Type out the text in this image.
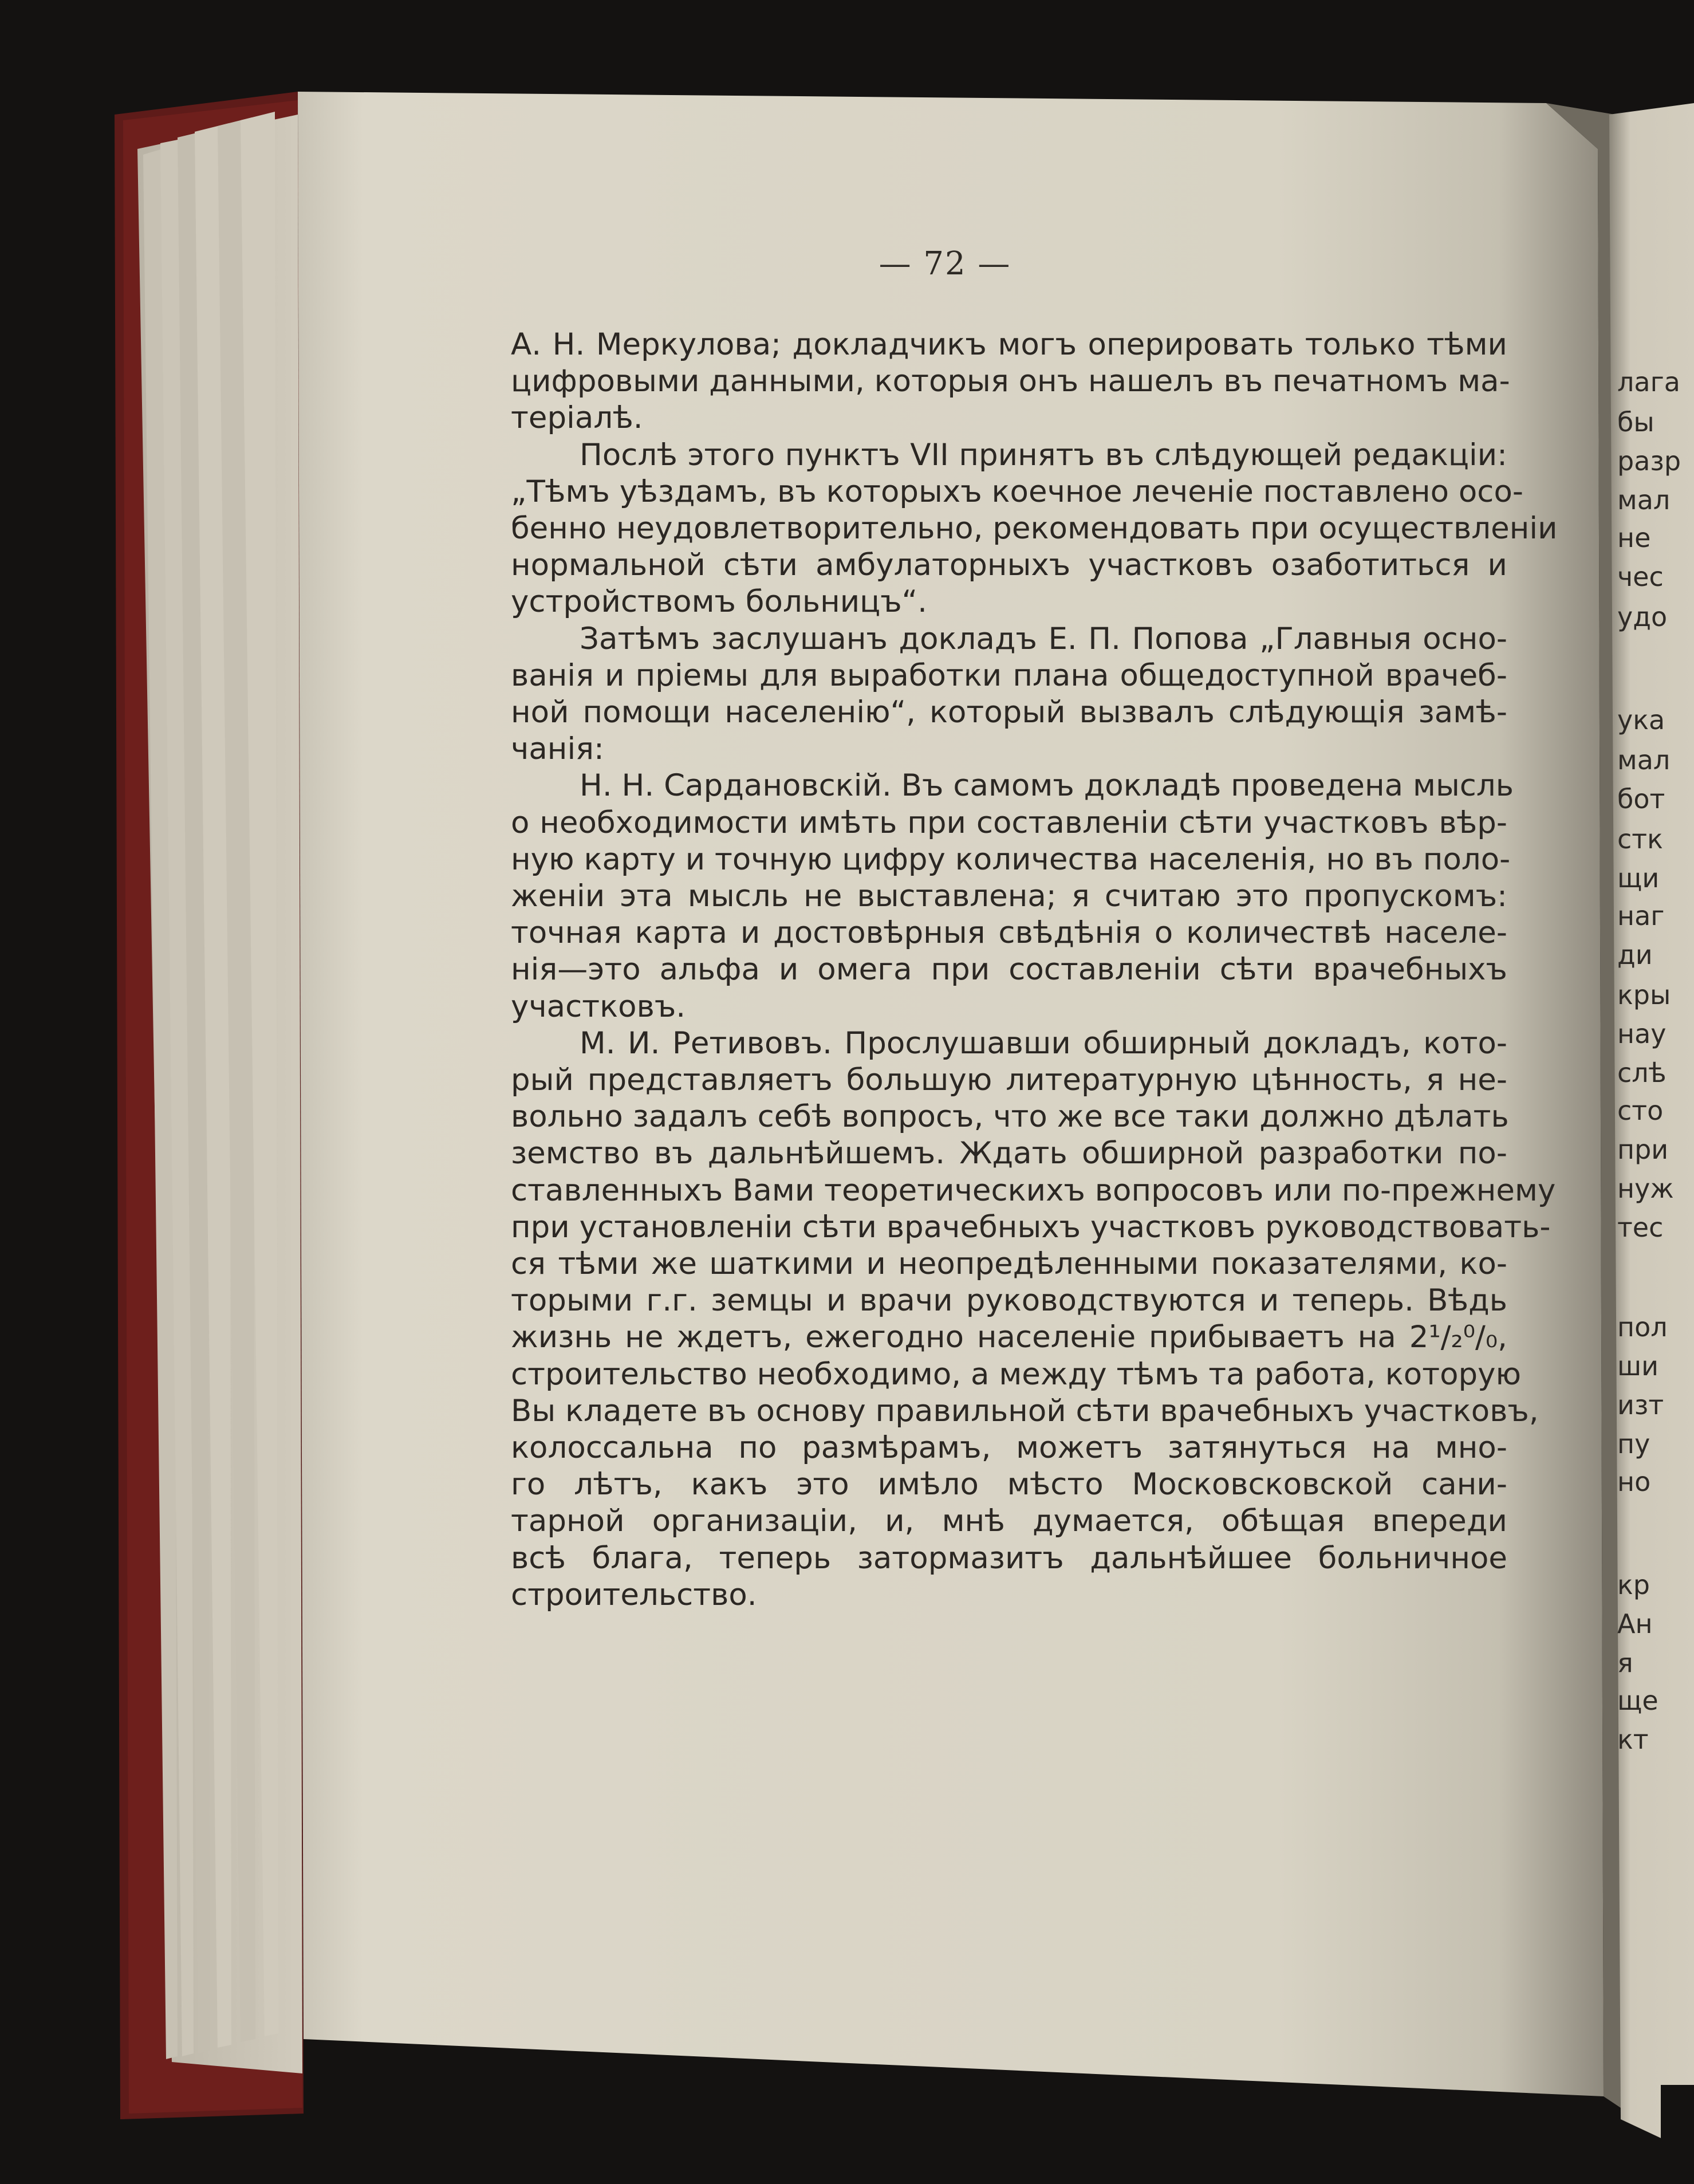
— 72 —
А. Н. Меркулова; докладчикъ могъ оперировать только тѣми
цифровыми данными, которыя онъ нашелъ въ печатномъ ма-
теріалѣ.
Послѣ этого пунктъ VII принятъ въ слѣдующей редакціи:
„Тѣмъ уѣздамъ, въ которыхъ коечное леченіе поставлено осо-
бенно неудовлетворительно, рекомендовать при осуществленіи
нормальной сѣти амбулаторныхъ участковъ озаботиться и
устройствомъ больницъ“.
Затѣмъ заслушанъ докладъ Е. П. Попова „Главныя осно-
ванія и пріемы для выработки плана общедоступной врачеб-
ной помощи населенію“, который вызвалъ слѣдующія замѣ-
чанія:
Н. Н. Сардановскій. Въ самомъ докладѣ проведена мысль
о необходимости имѣть при составленіи сѣти участковъ вѣр-
ную карту и точную цифру количества населенія, но въ поло-
женіи эта мысль не выставлена; я считаю это пропускомъ:
точная карта и достовѣрныя свѣдѣнія о количествѣ населе-
нія—это альфа и омега при составленіи сѣти врачебныхъ
участковъ.
М. И. Ретивовъ. Прослушавши обширный докладъ, кото-
рый представляетъ большую литературную цѣнность, я не-
вольно задалъ себѣ вопросъ, что же все таки должно дѣлать
земство въ дальнѣйшемъ. Ждать обширной разработки по-
ставленныхъ Вами теоретическихъ вопросовъ или по-прежнему
при установленіи сѣти врачебныхъ участковъ руководствовать-
ся тѣми же шаткими и неопредѣленными показателями, ко-
торыми г.г. земцы и врачи руководствуются и теперь. Вѣдь
жизнь не ждетъ, ежегодно населеніе прибываетъ на 2¹/₂⁰/₀,
строительство необходимо, а между тѣмъ та работа, которую
Вы кладете въ основу правильной сѣти врачебныхъ участковъ,
колоссальна по размѣрамъ, можетъ затянуться на мно-
го лѣтъ, какъ это имѣло мѣсто Московсковской сани-
тарной организаціи, и, мнѣ думается, обѣщая впереди
всѣ блага, теперь затормазитъ дальнѣйшее больничное
строительство.
лага
бы
разр
мал
не
чес
удо
ука
мал
бот
стк
щи
наг
ди
кры
нау
слѣ
сто
при
нуж
тес
пол
ши
изт
пу
но
кр
Ан
я
ще
кт
